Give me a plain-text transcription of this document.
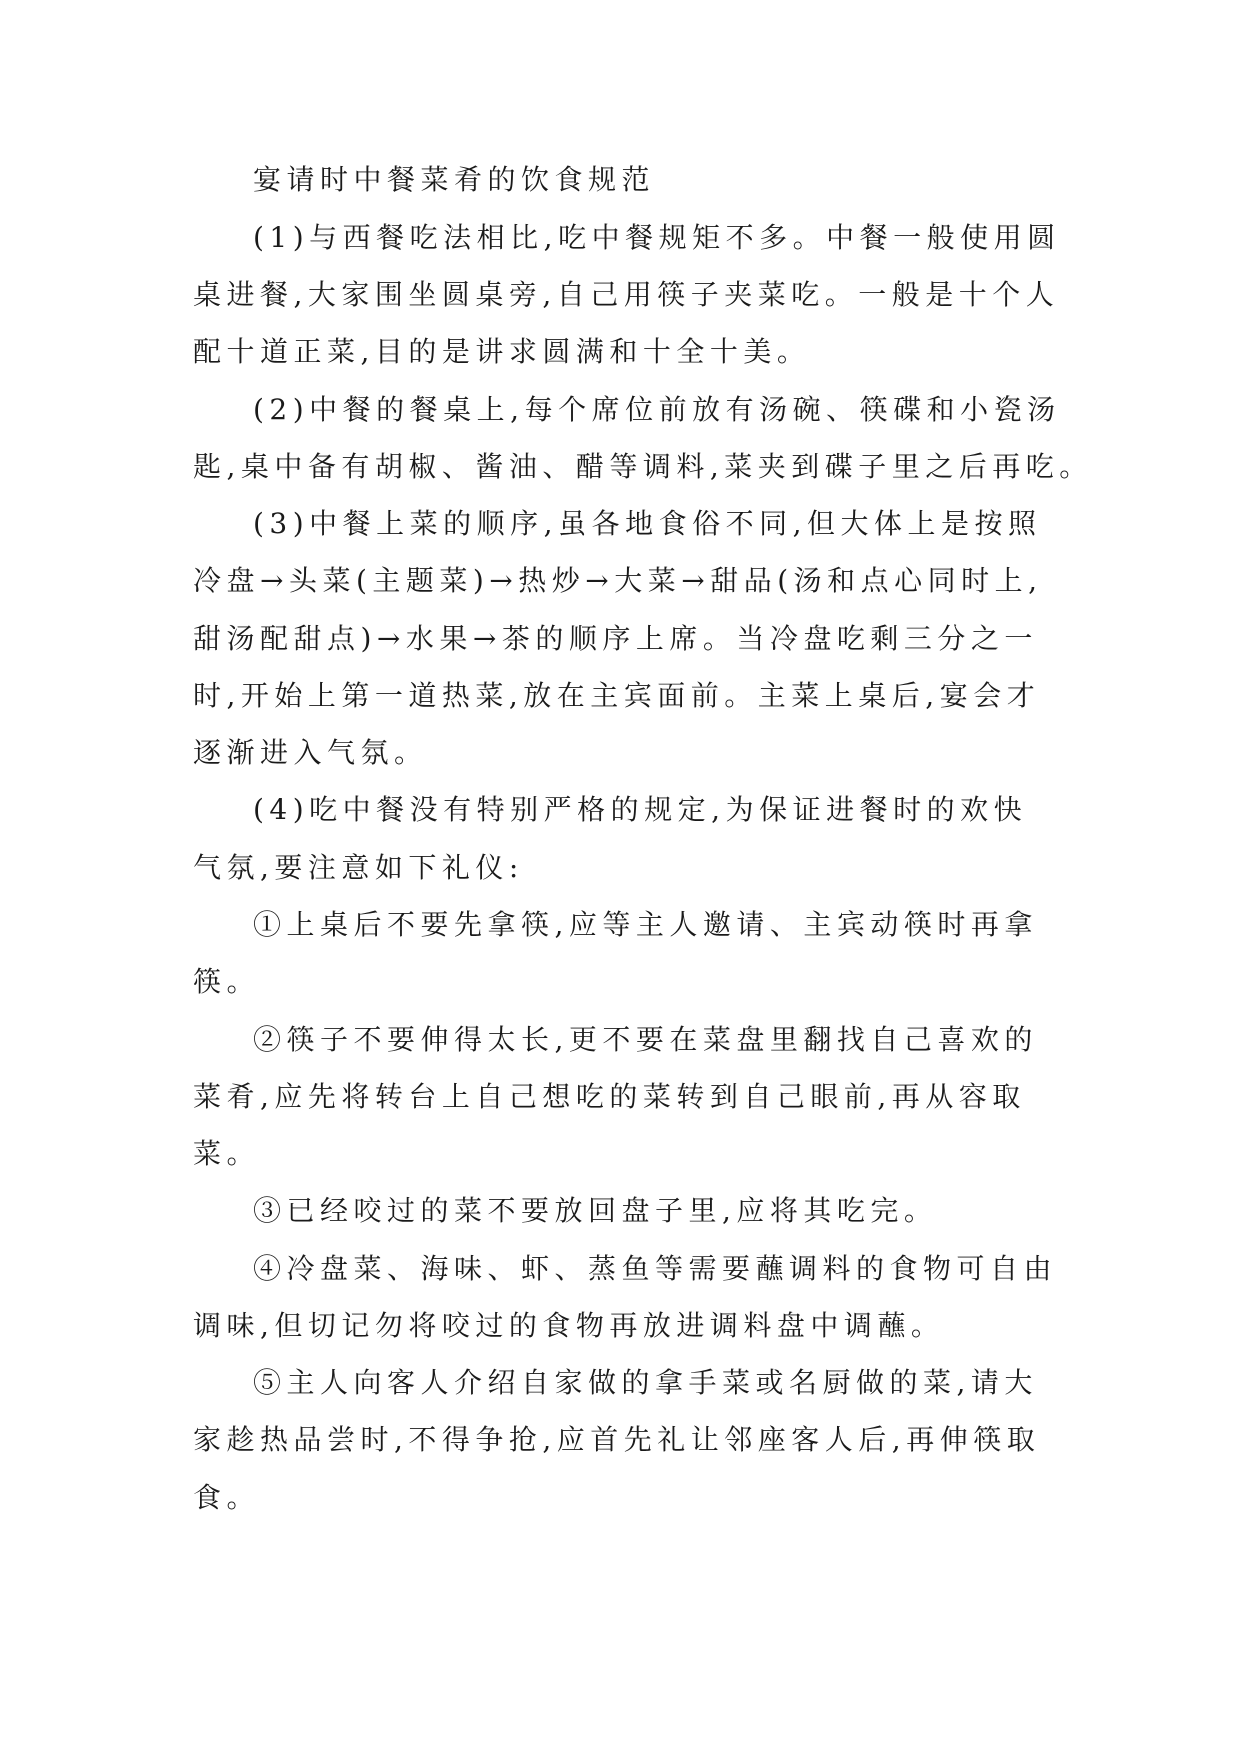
宴请时中餐菜肴的饮食规范
(1)与西餐吃法相比,吃中餐规矩不多。中餐一般使用圆
桌进餐,大家围坐圆桌旁,自己用筷子夹菜吃。一般是十个人
配十道正菜,目的是讲求圆满和十全十美。
(2)中餐的餐桌上,每个席位前放有汤碗、筷碟和小瓷汤
匙,桌中备有胡椒、酱油、醋等调料,菜夹到碟子里之后再吃。
(3)中餐上菜的顺序,虽各地食俗不同,但大体上是按照
冷盘→头菜(主题菜)→热炒→大菜→甜品(汤和点心同时上,
甜汤配甜点)→水果→茶的顺序上席。当冷盘吃剩三分之一
时,开始上第一道热菜,放在主宾面前。主菜上桌后,宴会才
逐渐进入气氛。
(4)吃中餐没有特别严格的规定,为保证进餐时的欢快
气氛,要注意如下礼仪:
①上桌后不要先拿筷,应等主人邀请、主宾动筷时再拿
筷。
②筷子不要伸得太长,更不要在菜盘里翻找自己喜欢的
菜肴,应先将转台上自己想吃的菜转到自己眼前,再从容取
菜。
③已经咬过的菜不要放回盘子里,应将其吃完。
④冷盘菜、海味、虾、蒸鱼等需要蘸调料的食物可自由
调味,但切记勿将咬过的食物再放进调料盘中调蘸。
⑤主人向客人介绍自家做的拿手菜或名厨做的菜,请大
家趁热品尝时,不得争抢,应首先礼让邻座客人后,再伸筷取
食。
